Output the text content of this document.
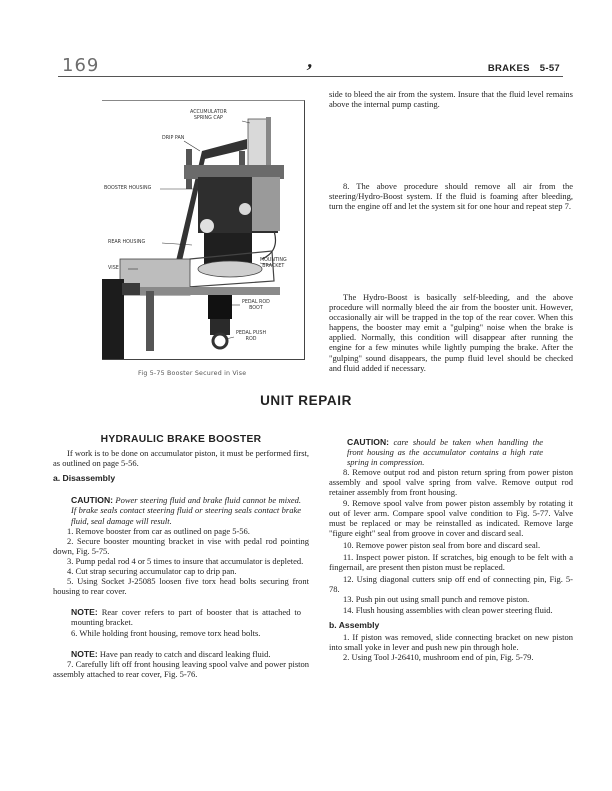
169	,	BRAKES 5-57
ACCUMULATOR
SPRING CAP
DRIP PAN
BOOSTER HOUSING
REAR HOUSING
VISE
MOUNTING
BRACKET
PEDAL ROD
BOOT
PEDAL PUSH
ROD
Fig 5-75 Booster Secured in Vise

side to bleed the air from the system. Insure that the fluid level remains above the internal pump casting.

8. The above procedure should remove all air from the steering/Hydro-Boost system. If the fluid is foaming after bleeding, turn the engine off and let the system sit for one hour and repeat step 7.

The Hydro-Boost is basically self-bleeding, and the above procedure will normally bleed the air from the booster unit. However, occasionally air will be trapped in the top of the rear cover. When this happens, the booster may emit a "gulping" noise when the brake is applied. Normally, this condition will disappear after running the engine for a few minutes while lightly pumping the brake. After the "gulping" sound disappears, the pump fluid level should be checked and fluid added if necessary.

UNIT REPAIR
HYDRAULIC BRAKE BOOSTER

If work is to be done on accumulator piston, it must be performed first, as outlined on page 5-56.

a. Disassembly

CAUTION: Power steering fluid and brake fluid cannot be mixed. If brake seals contact steering fluid or steering seals contact brake fluid, seal damage will result.

1. Remove booster from car as outlined on page 5-56.

2. Secure booster mounting bracket in vise with pedal rod pointing down, Fig. 5-75.

3. Pump pedal rod 4 or 5 times to insure that accumulator is depleted.

4. Cut strap securing accumulator cap to drip pan.

5. Using Socket J-25085 loosen five torx head bolts securing front housing to rear cover.

NOTE: Rear cover refers to part of booster that is attached to mounting bracket.

6. While holding front housing, remove torx head bolts.

NOTE: Have pan ready to catch and discard leaking fluid.

7. Carefully lift off front housing leaving spool valve and power piston assembly attached to rear cover, Fig. 5-76.

CAUTION: care should be taken when handling the front housing as the accumulator contains a high rate spring in compression.

8. Remove output rod and piston return spring from power piston assembly and spool valve spring from valve. Remove output rod retainer assembly from front housing.

9. Remove spool valve from power piston assembly by rotating it out of lever arm. Compare spool valve condition to Fig. 5-77. Valve must be replaced or may be reinstalled as indicated. Remove large "figure eight" seal from groove in cover and discard seal.

10. Remove power piston seal from bore and discard seal.

11. Inspect power piston. If scratches, big enough to be felt with a fingernail, are present then piston must be replaced.

12. Using diagonal cutters snip off end of connecting pin, Fig. 5-78.

13. Push pin out using small punch and remove piston.

14. Flush housing assemblies with clean power steering fluid.

b. Assembly

1. If piston was removed, slide connecting bracket on new piston into small yoke in lever and push new pin through hole.

2. Using Tool J-26410, mushroom end of pin, Fig. 5-79.
